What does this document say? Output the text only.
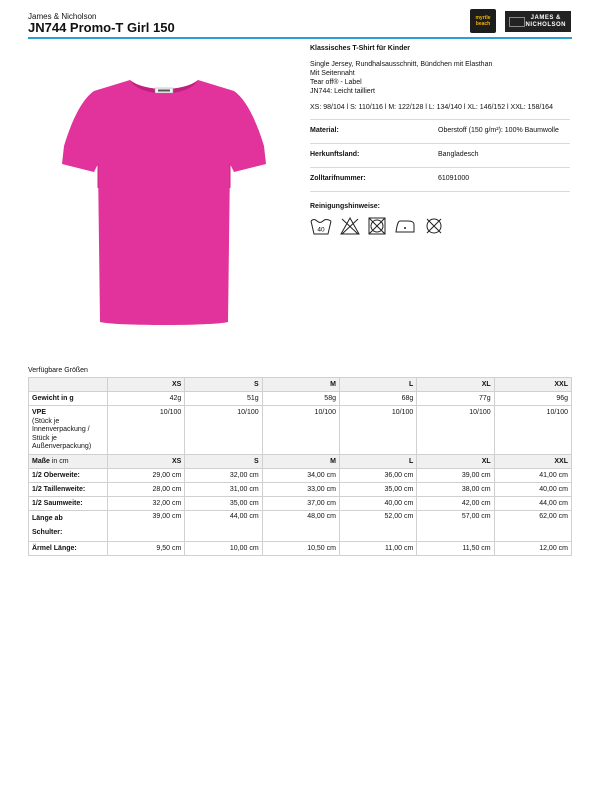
James & Nicholson
JN744 Promo-T Girl 150
myrtle
beach
JAMES &
NICHOLSON
Klassisches T-Shirt für Kinder

Single Jersey, Rundhalsausschnitt, Bündchen mit Elasthan

Mit Seitennaht

Tear off® - Label

JN744: Leicht tailliert

XS: 98/104 l S: 110/116 l M: 122/128 l L: 134/140 l XL: 146/152 l XXL: 158/164

Material:	Oberstoff (150 g/m²): 100% Baumwolle
Herkunftsland:	Bangladesch
Zolltarifnummer:	61091000
Reinigungshinweise:
40
Verfügbare Größen
	XS	S	M	L	XL	XXL
Gewicht in g	42g	51g	58g	68g	77g	96g

VPE
(Stück je
Innenverpackung /
Stück je
Außenverpackung)	10/100	10/100	10/100	10/100	10/100	10/100
Maße in cm	XS	S	M	L	XL	XXL
1/2 Oberweite:	29,00 cm	32,00 cm	34,00 cm	36,00 cm	39,00 cm	41,00 cm
1/2 Taillenweite:	28,00 cm	31,00 cm	33,00 cm	35,00 cm	38,00 cm	40,00 cm
1/2 Saumweite:	32,00 cm	35,00 cm	37,00 cm	40,00 cm	42,00 cm	44,00 cm

Länge ab
Schulter:	39,00 cm	44,00 cm	48,00 cm	52,00 cm	57,00 cm	62,00 cm
Ärmel Länge:	9,50 cm	10,00 cm	10,50 cm	11,00 cm	11,50 cm	12,00 cm
